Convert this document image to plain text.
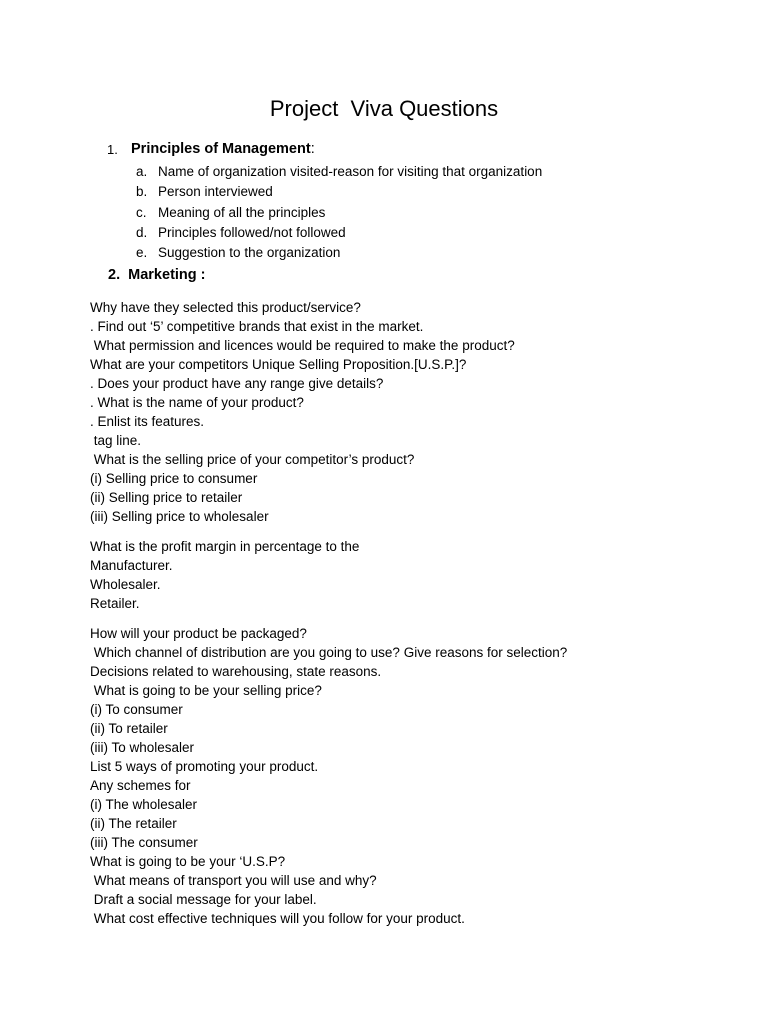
Project  Viva Questions
1. Principles of Management:
a. Name of organization visited-reason for visiting that organization
b. Person interviewed
c. Meaning of all the principles
d. Principles followed/not followed
e. Suggestion to the organization
2.  Marketing :
Why have they selected this product/service?
. Find out ‘5’ competitive brands that exist in the market.
What permission and licences would be required to make the product?
What are your competitors Unique Selling Proposition.[U.S.P.]?
. Does your product have any range give details?
. What is the name of your product?
. Enlist its features.
tag line.
What is the selling price of your competitor’s product?
(i) Selling price to consumer
(ii) Selling price to retailer
(iii) Selling price to wholesaler
What is the profit margin in percentage to the
Manufacturer.
Wholesaler.
Retailer.
How will your product be packaged?
Which channel of distribution are you going to use? Give reasons for selection?
Decisions related to warehousing, state reasons.
What is going to be your selling price?
(i) To consumer
(ii) To retailer
(iii) To wholesaler
List 5 ways of promoting your product.
Any schemes for
(i) The wholesaler
(ii) The retailer
(iii) The consumer
What is going to be your ‘U.S.P?
What means of transport you will use and why?
Draft a social message for your label.
What cost effective techniques will you follow for your product.
